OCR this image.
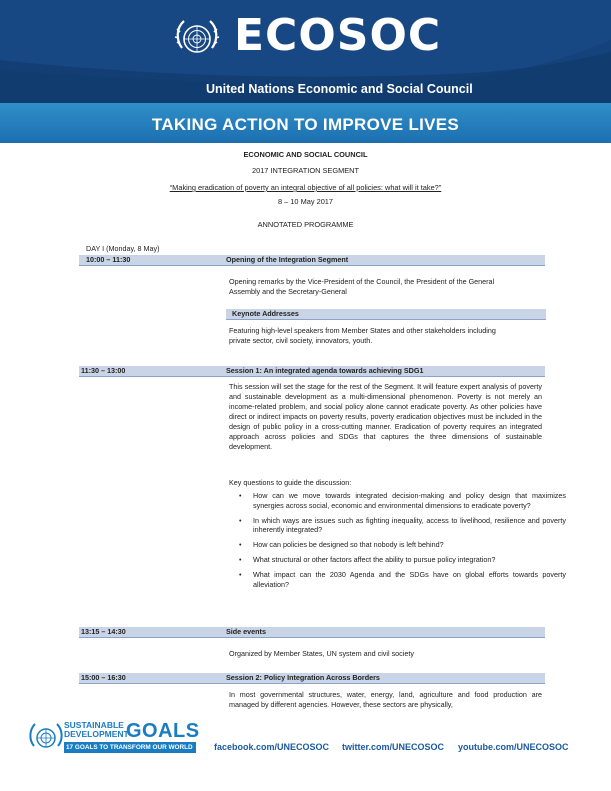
ECOSOC
United Nations Economic and Social Council
TAKING ACTION TO IMPROVE LIVES
ECONOMIC AND SOCIAL COUNCIL
2017 INTEGRATION SEGMENT
“Making eradication of poverty an integral objective of all policies: what will it take?”
8 – 10 May 2017
ANNOTATED PROGRAMME
DAY I (Monday, 8 May)
10:00 – 11:30	Opening of the Integration Segment
Opening remarks by the Vice-President of the Council, the President of the General
Assembly and the Secretary-General
Keynote Addresses
Featuring high-level speakers from Member States and other stakeholders including
private sector, civil society, innovators, youth.
11:30 – 13:00	Session 1: An integrated agenda towards achieving SDG1
This session will set the stage for the rest of the Segment. It will feature expert analysis of poverty and sustainable development as a multi-dimensional phenomenon. Poverty is not merely an income-related problem, and social policy alone cannot eradicate poverty. As other policies have direct or indirect impacts on poverty results, poverty eradication objectives must be included in the design of public policy in a cross-cutting manner. Eradication of poverty requires an integrated approach across policies and SDGs that captures the three dimensions of sustainable development.
Key questions to guide the discussion:
• How can we move towards integrated decision-making and policy design that maximizes synergies across social, economic and environmental dimensions to eradicate poverty?
• In which ways are issues such as fighting inequality, access to livelihood, resilience and poverty inherently integrated?
• How can policies be designed so that nobody is left behind?
• What structural or other factors affect the ability to pursue policy integration?
• What impact can the 2030 Agenda and the SDGs have on global efforts towards poverty alleviation?
13:15 – 14:30	Side events
Organized by Member States, UN system and civil society
15:00 – 16:30	Session 2: Policy Integration Across Borders
In most governmental structures, water, energy, land, agriculture and food production are managed by different agencies. However, these sectors are physically,
SUSTAINABLE
DEVELOPMENT
GOALS
17 GOALS TO TRANSFORM OUR WORLD	facebook.com/UNECOSOC twitter.com/UNECOSOC youtube.com/UNECOSOC
